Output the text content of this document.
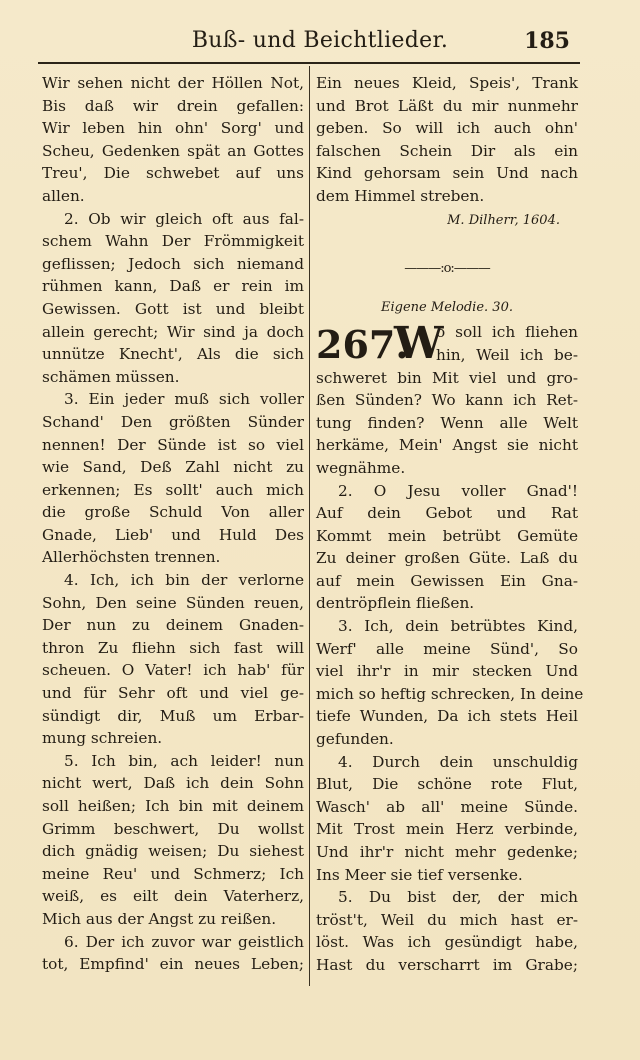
Buß- und Beichtlieder.	185
Wir sehen nicht der Höllen Not,
Bis daß wir drein gefallen:
Wir leben hin ohn' Sorg' und
Scheu, Gedenken spät an Gottes
Treu', Die schwebet auf uns
allen.
2. Ob wir gleich oft aus fal-
schem Wahn Der Frömmigkeit
geflissen; Jedoch sich niemand
rühmen kann, Daß er rein im
Gewissen. Gott ist und bleibt
allein gerecht; Wir sind ja doch
unnütze Knecht', Als die sich
schämen müssen.
3. Ein jeder muß sich voller
Schand' Den größten Sünder
nennen! Der Sünde ist so viel
wie Sand, Deß Zahl nicht zu
erkennen; Es sollt' auch mich
die große Schuld Von aller
Gnade, Lieb' und Huld Des
Allerhöchsten trennen.
4. Ich, ich bin der verlorne
Sohn, Den seine Sünden reuen,
Der nun zu deinem Gnaden-
thron Zu fliehn sich fast will
scheuen. O Vater! ich hab' für
und für Sehr oft und viel ge-
sündigt dir, Muß um Erbar-
mung schreien.
5. Ich bin, ach leider! nun
nicht wert, Daß ich dein Sohn
soll heißen; Ich bin mit deinem
Grimm beschwert, Du wollst
dich gnädig weisen; Du siehest
meine Reu' und Schmerz; Ich
weiß, es eilt dein Vaterherz,
Mich aus der Angst zu reißen.
6. Der ich zuvor war geistlich
tot, Empfind' ein neues Leben;
Ein neues Kleid, Speis', Trank
und Brot Läßt du mir nunmehr
geben. So will ich auch ohn'
falschen Schein Dir als ein
Kind gehorsam sein Und nach
dem Himmel streben.
M. Dilherr, 1604.
———:o:———
Eigene Melodie. 30.
267.
W
o soll ich fliehen
hin, Weil ich be-
schweret bin Mit viel und gro-
ßen Sünden? Wo kann ich Ret-
tung finden? Wenn alle Welt
herkäme, Mein' Angst sie nicht
wegnähme.
2. O Jesu voller Gnad'!
Auf dein Gebot und Rat
Kommt mein betrübt Gemüte
Zu deiner großen Güte. Laß du
auf mein Gewissen Ein Gna-
dentröpflein fließen.
3. Ich, dein betrübtes Kind,
Werf' alle meine Sünd', So
viel ihr'r in mir stecken Und
mich so heftig schrecken, In deine
tiefe Wunden, Da ich stets Heil
gefunden.
4. Durch dein unschuldig
Blut, Die schöne rote Flut,
Wasch' ab all' meine Sünde.
Mit Trost mein Herz verbinde,
Und ihr'r nicht mehr gedenke;
Ins Meer sie tief versenke.
5. Du bist der, der mich
tröst't, Weil du mich hast er-
löst. Was ich gesündigt habe,
Hast du verscharrt im Grabe;
